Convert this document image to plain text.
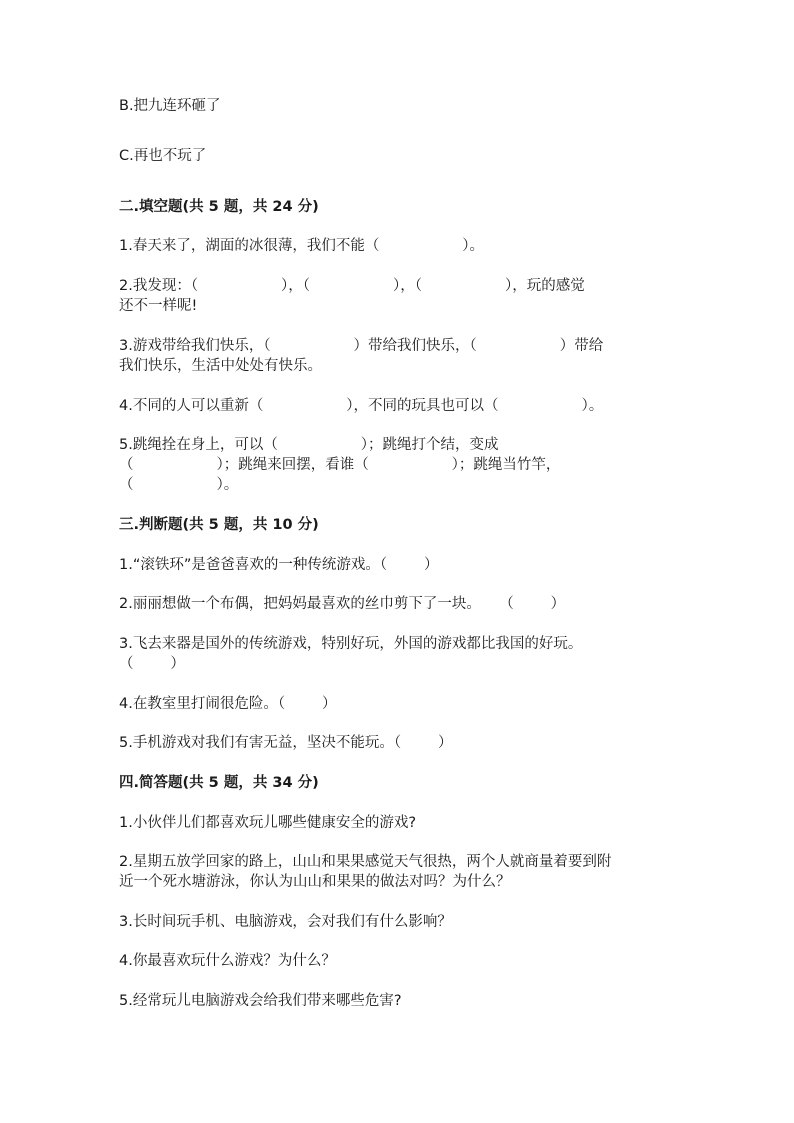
B.把九连环砸了
C.再也不玩了
二.填空题(共 5 题，共 24 分)
1.春天来了，湖面的冰很薄，我们不能（                  ）。
2.我发现：（                  ），（                  ），（                  ），玩的感觉
还不一样呢!
3.游戏带给我们快乐，（                  ）带给我们快乐，（                  ）带给
我们快乐，生活中处处有快乐。
4.不同的人可以重新（                  ），不同的玩具也可以（                  ）。
5.跳绳拴在身上，可以（                  ）；跳绳打个结，变成
（                  ）；跳绳来回摆，看谁（                  ）；跳绳当竹竿，
（                  ）。
三.判断题(共 5 题，共 10 分)
1.“滚铁环”是爸爸喜欢的一种传统游戏。（        ）
2.丽丽想做一个布偶，把妈妈最喜欢的丝巾剪下了一块。    （        ）
3.飞去来器是国外的传统游戏，特别好玩，外国的游戏都比我国的好玩。
（        ）
4.在教室里打闹很危险。（        ）
5.手机游戏对我们有害无益，坚决不能玩。（        ）
四.简答题(共 5 题，共 34 分)
1.小伙伴儿们都喜欢玩儿哪些健康安全的游戏?
2.星期五放学回家的路上，山山和果果感觉天气很热，两个人就商量着要到附
近一个死水塘游泳，你认为山山和果果的做法对吗？为什么？
3.长时间玩手机、电脑游戏，会对我们有什么影响？
4.你最喜欢玩什么游戏？为什么？
5.经常玩儿电脑游戏会给我们带来哪些危害?
